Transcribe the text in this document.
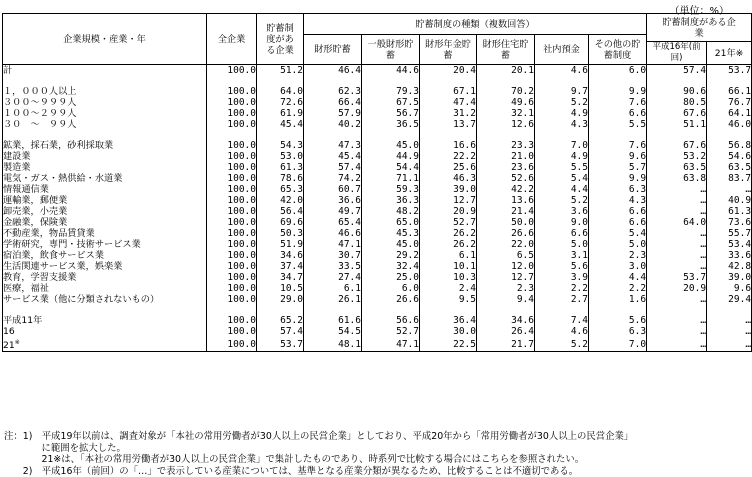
（単位：%）
企業規模・産業・年	全企業	貯蓄制度がある企業	貯蓄制度の種類（複数回答）						貯蓄制度がある企業	
			財形貯蓄	一般財形貯蓄	財形年金貯蓄	財形住宅貯蓄	社内預金	その他の貯蓄制度		
									平成16年(前回)	21年※
計	100.0	51.2	46.4	44.6	20.4	20.1	4.6	6.0	57.4	53.7

１，０００人以上	100.0	64.0	62.3	79.3	67.1	70.2	9.7	9.9	90.6	66.1
３００～９９９人	100.0	72.6	66.4	67.5	47.4	49.6	5.2	7.6	80.5	76.7
１００～２９９人	100.0	61.9	57.9	56.7	31.2	32.1	4.9	6.6	67.6	64.1
３０　～　９９人	100.0	45.4	40.2	36.5	13.7	12.6	4.3	5.5	51.1	46.0

鉱業，採石業，砂利採取業	100.0	54.3	47.3	45.0	16.6	23.3	7.0	7.6	67.6	56.8
建設業	100.0	53.0	45.4	44.9	22.2	21.0	4.9	9.6	53.2	54.6
製造業	100.0	61.3	57.4	54.4	25.6	23.6	5.5	5.7	63.5	63.5
電気・ガス・熱供給・水道業	100.0	78.6	74.2	71.1	46.3	52.6	5.4	9.9	63.8	83.7
情報通信業	100.0	65.3	60.7	59.3	39.0	42.2	4.4	6.3	…	…
運輸業，郵便業	100.0	42.0	36.6	36.3	12.7	13.6	5.2	4.3	…	40.9
卸売業，小売業	100.0	56.4	49.7	48.2	20.9	21.4	3.6	6.6	…	61.3
金融業，保険業	100.0	69.6	65.4	65.0	52.7	50.0	9.0	6.6	64.0	73.6
不動産業，物品賃貸業	100.0	50.3	46.6	45.3	26.2	26.6	6.6	5.4	…	55.7
学術研究，専門・技術サービス業	100.0	51.9	47.1	45.0	26.2	22.0	5.0	5.0	…	53.4
宿泊業，飲食サービス業	100.0	34.6	30.7	29.2	6.1	6.5	3.1	2.3	…	33.6
生活関連サービス業，娯楽業	100.0	37.4	33.5	32.4	10.1	12.0	5.6	3.0	…	42.8
教育，学習支援業	100.0	34.7	27.4	25.0	10.3	12.7	3.9	4.4	53.7	39.0
医療，福祉	100.0	10.5	6.1	6.0	2.4	2.3	2.2	2.2	20.9	9.6
サービス業（他に分類されないもの）	100.0	29.0	26.1	26.6	9.5	9.4	2.7	1.6	…	29.4

平成11年	100.0	65.2	61.6	56.6	36.4	34.6	7.4	5.6	…	…
16	100.0	57.4	54.5	52.7	30.0	26.4	4.6	6.3	…	…
21※	100.0	53.7	48.1	47.1	22.5	21.7	5.2	7.0	…	…
注：1)　平成19年以前は、調査対象が「本社の常用労働者が30人以上の民営企業」としており、平成20年から「常用労働者が30人以上の民営企業」
　　　　に範囲を拡大した。
　　　　21※は、「本社の常用労働者が30人以上の民営企業」で集計したものであり、時系列で比較する場合にはこちらを参照されたい。
　　2)　平成16年（前回）の「…」で表示している産業については、基準となる産業分類が異なるため、比較することは不適切である。
